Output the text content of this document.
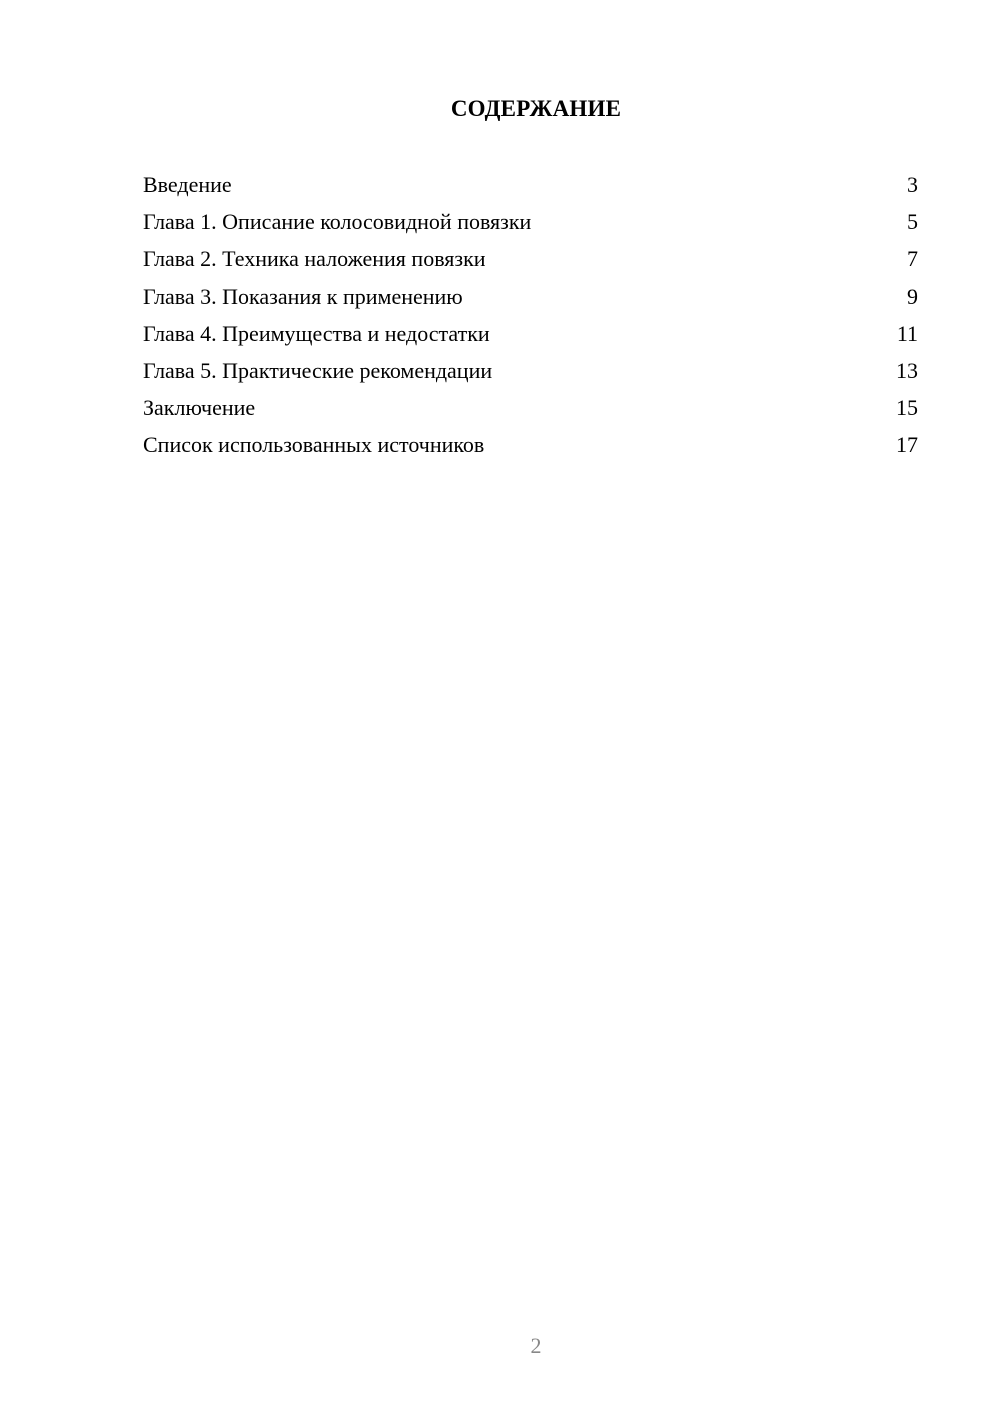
СОДЕРЖАНИЕ
Введение	3
Глава 1. Описание колосовидной повязки	5
Глава 2. Техника наложения повязки	7
Глава 3. Показания к применению	9
Глава 4. Преимущества и недостатки	11
Глава 5. Практические рекомендации	13
Заключение	15
Список использованных источников	17
2
